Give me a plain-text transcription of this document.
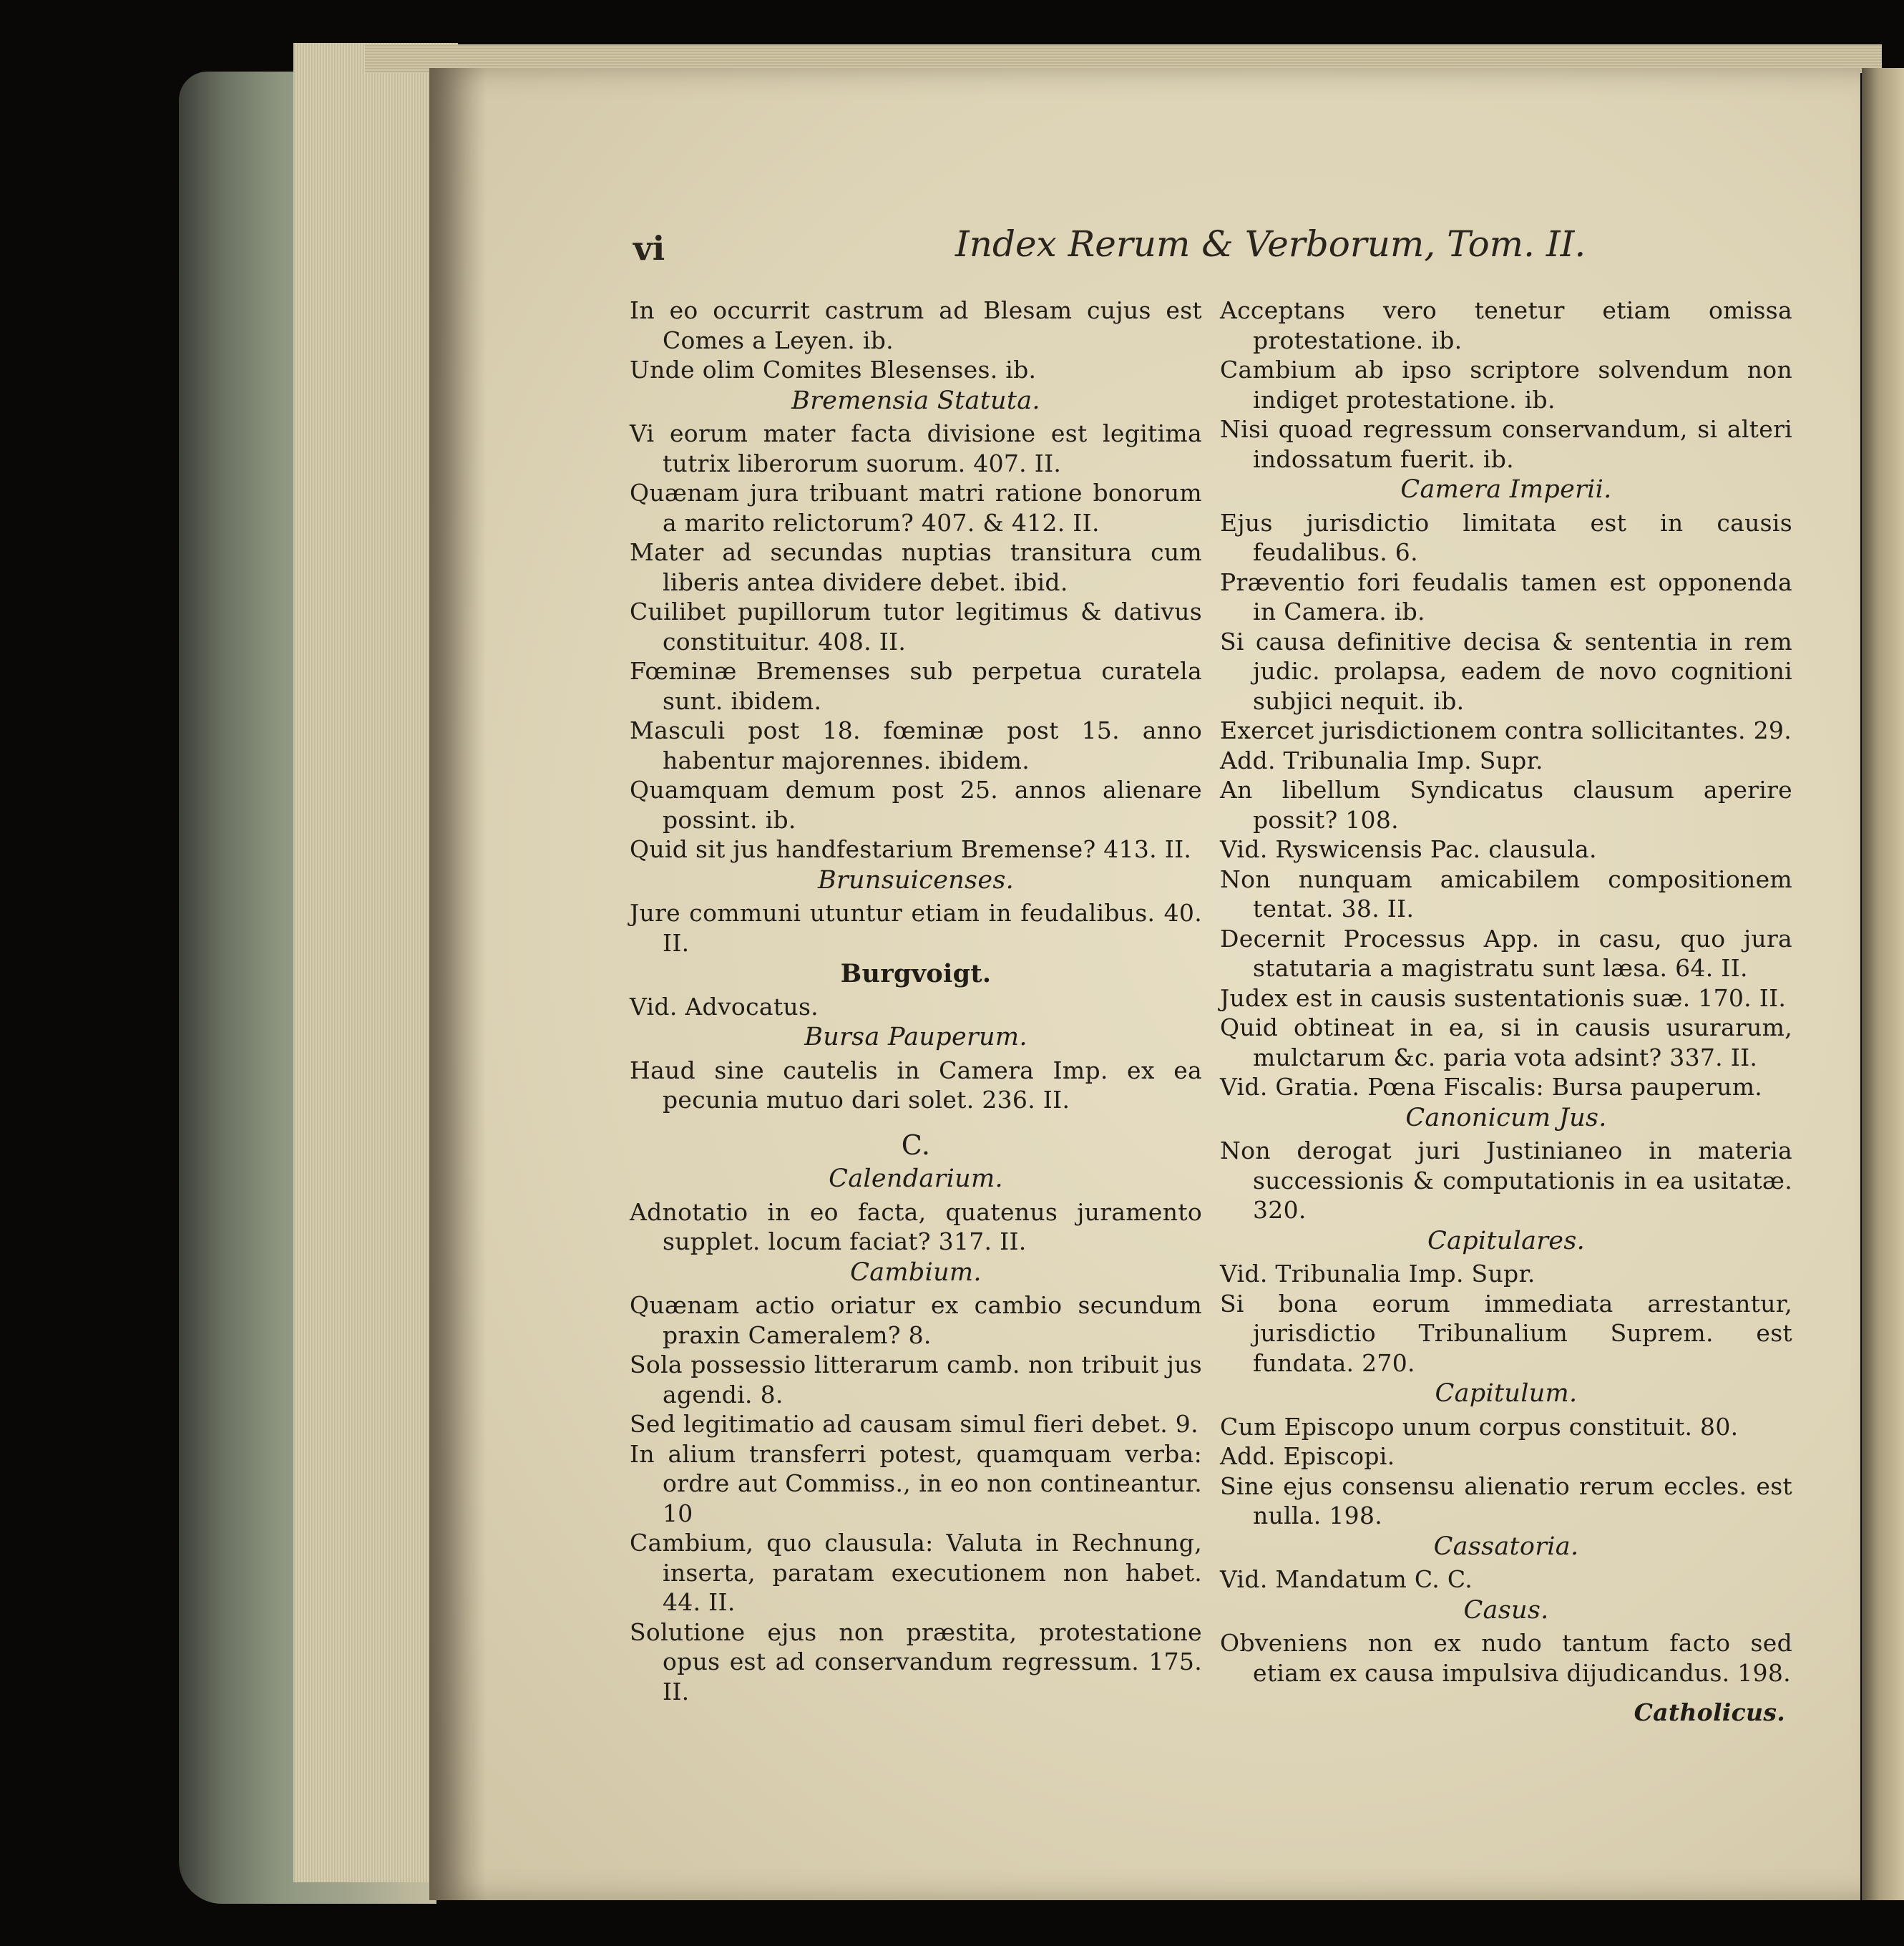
vi	Index Rerum & Verborum, Tom. II.

In eo occurrit castrum ad Blesam cujus est Comes a Leyen. ib.

Unde olim Comites Blesenses. ib.

Bremensia Statuta.

Vi eorum mater facta divisione est legitima tutrix liberorum suorum. 407. II.

Quænam jura tribuant matri ratione bonorum a marito relictorum? 407. & 412. II.

Mater ad secundas nuptias transitura cum liberis antea dividere debet. ibid.

Cuilibet pupillorum tutor legitimus & dativus constituitur. 408. II.

Fœminæ Bremenses sub perpetua curatela sunt. ibidem.

Masculi post 18. fœminæ post 15. anno habentur majorennes. ibidem.

Quamquam demum post 25. annos alienare possint. ib.

Quid sit jus handfestarium Bremense? 413. II.

Brunsuicenses.

Jure communi utuntur etiam in feudalibus. 40. II.

Burgvoigt.

Vid. Advocatus.

Bursa Pauperum.

Haud sine cautelis in Camera Imp. ex ea pecunia mutuo dari solet. 236. II.

C.

Calendarium.

Adnotatio in eo facta, quatenus juramento supplet. locum faciat? 317. II.

Cambium.

Quænam actio oriatur ex cambio secundum praxin Cameralem? 8.

Sola possessio litterarum camb. non tribuit jus agendi. 8.

Sed legitimatio ad causam simul fieri debet. 9.

In alium transferri potest, quamquam verba: ordre aut Commiss., in eo non contineantur. 10

Cambium, quo clausula: Valuta in Rechnung, inserta, paratam executionem non habet. 44. II.

Solutione ejus non præstita, protestatione opus est ad conservandum regressum. 175. II.

Acceptans vero tenetur etiam omissa protestatione. ib.

Cambium ab ipso scriptore solvendum non indiget protestatione. ib.

Nisi quoad regressum conservandum, si alteri indossatum fuerit. ib.

Camera Imperii.

Ejus jurisdictio limitata est in causis feudalibus. 6.

Præventio fori feudalis tamen est opponenda in Camera. ib.

Si causa definitive decisa & sententia in rem judic. prolapsa, eadem de novo cognitioni subjici nequit. ib.

Exercet jurisdictionem contra sollicitantes. 29.

Add. Tribunalia Imp. Supr.

An libellum Syndicatus clausum aperire possit? 108.

Vid. Ryswicensis Pac. clausula.

Non nunquam amicabilem compositionem tentat. 38. II.

Decernit Processus App. in casu, quo jura statutaria a magistratu sunt læsa. 64. II.

Judex est in causis sustentationis suæ. 170. II.

Quid obtineat in ea, si in causis usurarum, mulctarum &c. paria vota adsint? 337. II.

Vid. Gratia. Pœna Fiscalis: Bursa pauperum.

Canonicum Jus.

Non derogat juri Justinianeo in materia successionis & computationis in ea usitatæ. 320.

Capitulares.

Vid. Tribunalia Imp. Supr.

Si bona eorum immediata arrestantur, jurisdictio Tribunalium Suprem. est fundata. 270.

Capitulum.

Cum Episcopo unum corpus constituit. 80.

Add. Episcopi.

Sine ejus consensu alienatio rerum eccles. est nulla. 198.

Cassatoria.

Vid. Mandatum C. C.

Casus.

Obveniens non ex nudo tantum facto sed etiam ex causa impulsiva dijudicandus. 198.

Catholicus.
